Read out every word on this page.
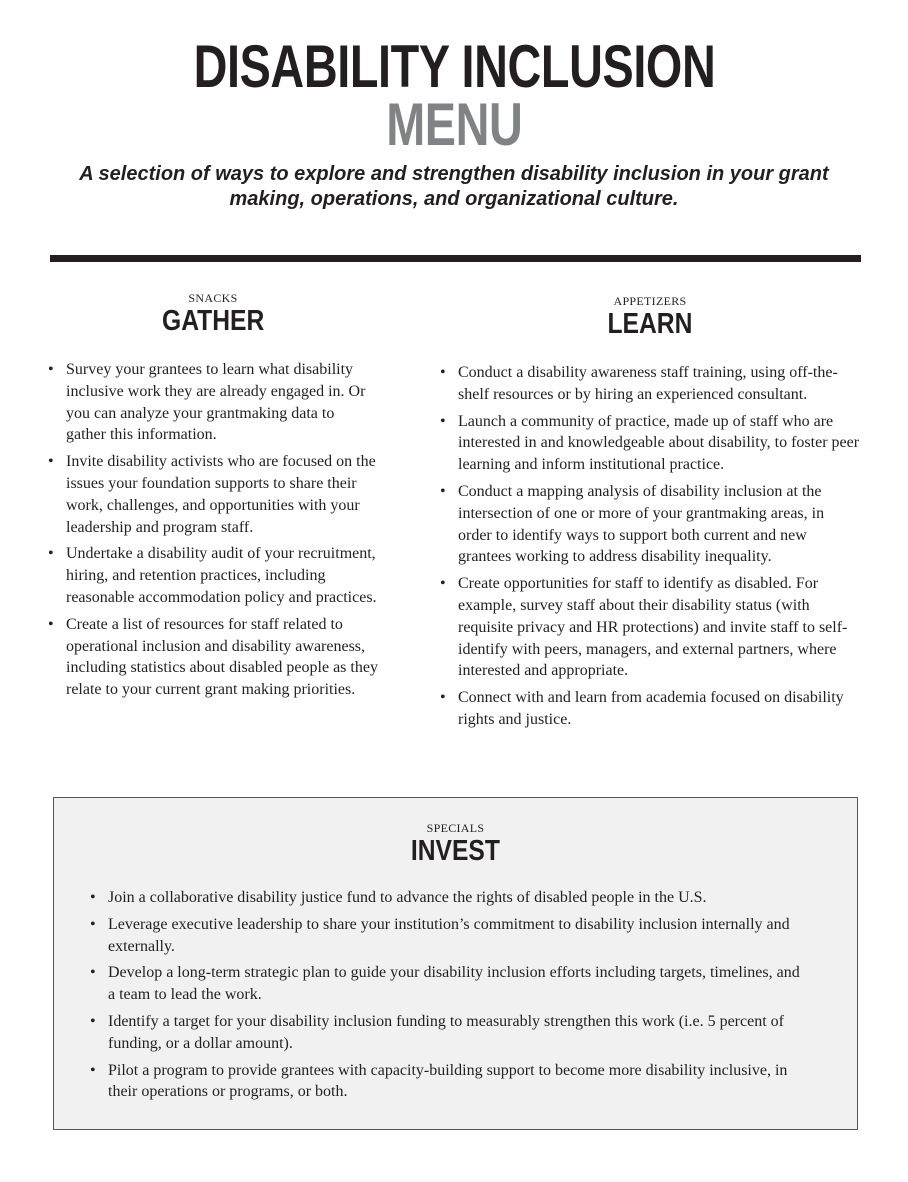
DISABILITY INCLUSION
MENU
A selection of ways to explore and strengthen disability inclusion in your grant
making, operations, and organizational culture.
SNACKS
GATHER
• Survey your grantees to learn what disability inclusive work they are already engaged in. Or you can analyze your grantmaking data to gather this information.
• Invite disability activists who are focused on the issues your foundation supports to share their work, challenges, and opportunities with your leadership and program staff.
• Undertake a disability audit of your recruitment, hiring, and retention practices, including reasonable accommodation policy and practices.
• Create a list of resources for staff related to operational inclusion and disability awareness, including statistics about disabled people as they relate to your current grant making priorities.
APPETIZERS
LEARN
• Conduct a disability awareness staff training, using off-the-shelf resources or by hiring an experienced consultant.
• Launch a community of practice, made up of staff who are interested in and knowledgeable about disability, to foster peer learning and inform institutional practice.
• Conduct a mapping analysis of disability inclusion at the intersection of one or more of your grantmaking areas, in order to identify ways to support both current and new grantees working to address disability inequality.
• Create opportunities for staff to identify as disabled. For example, survey staff about their disability status (with requisite privacy and HR protections) and invite staff to self-identify with peers, managers, and external partners, where interested and appropriate.
• Connect with and learn from academia focused on disability rights and justice.
SPECIALS
INVEST
• Join a collaborative disability justice fund to advance the rights of disabled people in the U.S.
• Leverage executive leadership to share your institution’s commitment to disability inclusion internally and externally.
• Develop a long-term strategic plan to guide your disability inclusion efforts including targets, timelines, and a team to lead the work.
• Identify a target for your disability inclusion funding to measurably strengthen this work (i.e. 5 percent of funding, or a dollar amount).
• Pilot a program to provide grantees with capacity-building support to become more disability inclusive, in their operations or programs, or both.
